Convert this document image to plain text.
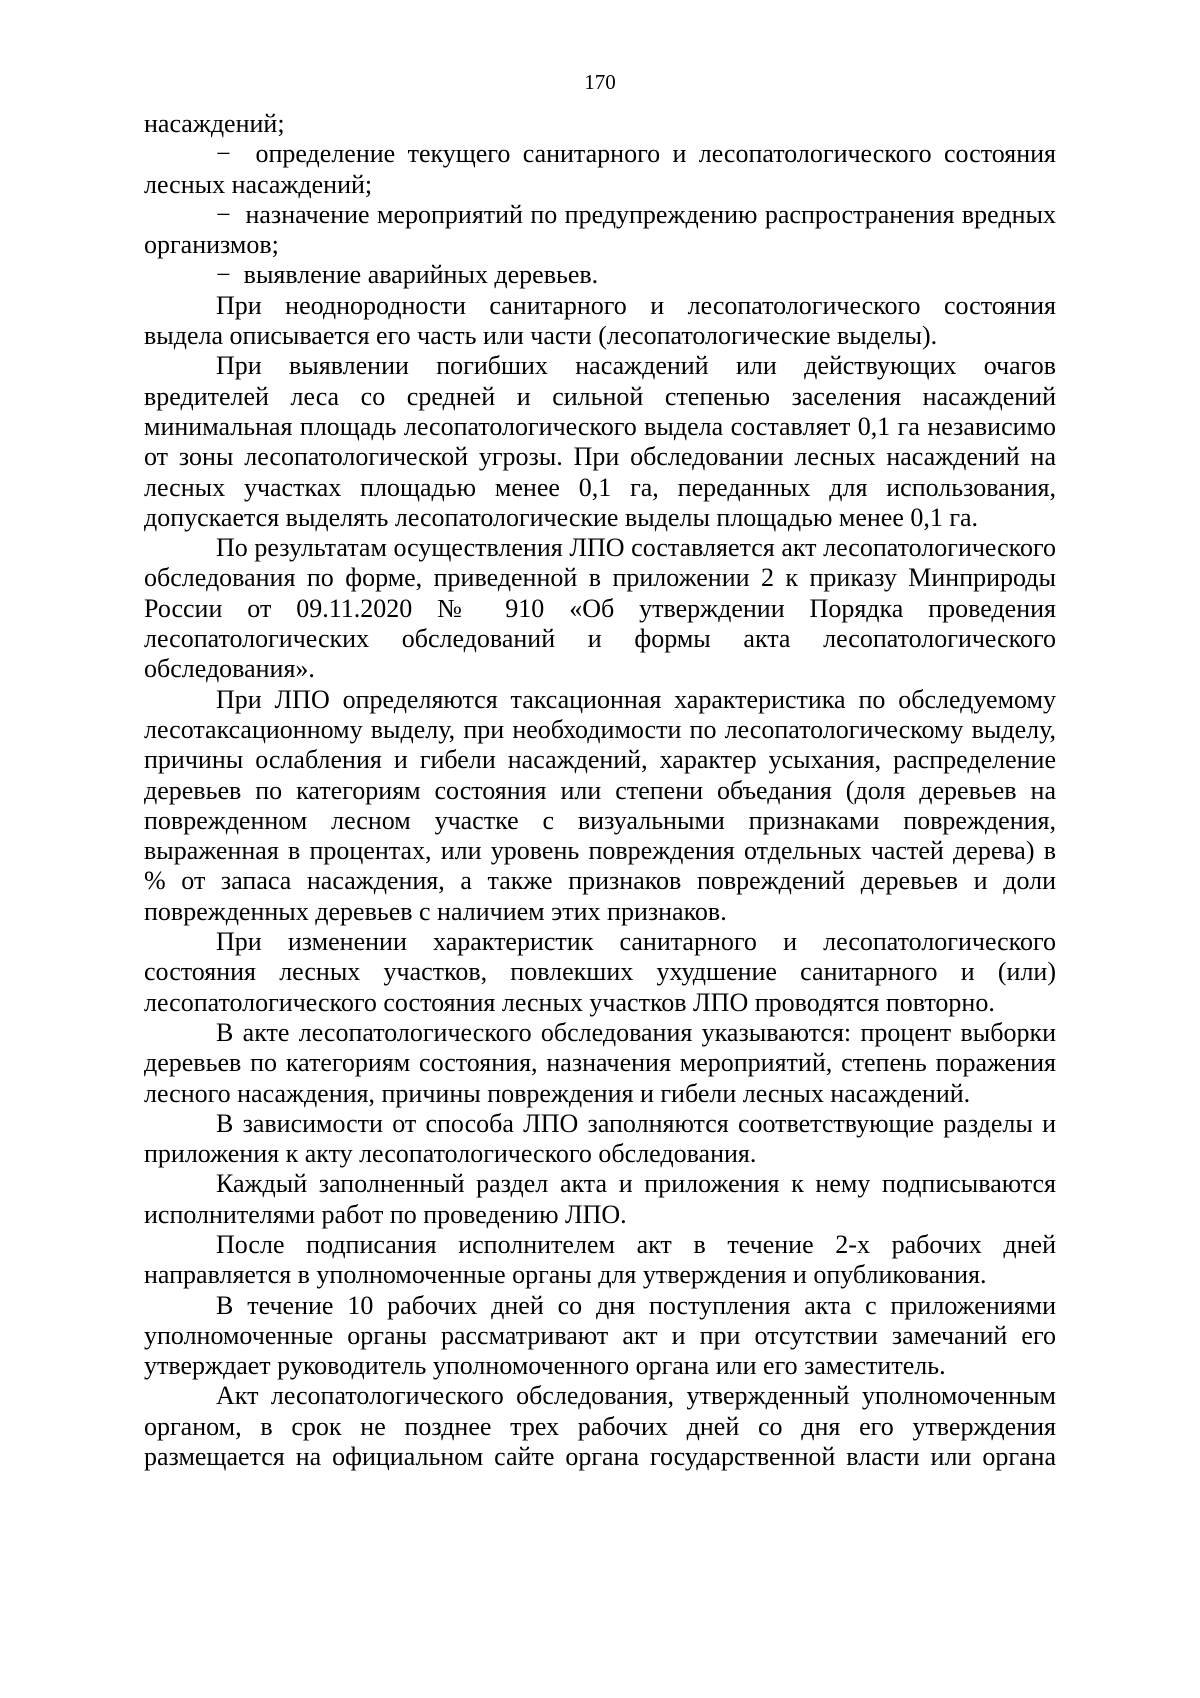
170

насаждений;

−  определение текущего санитарного и лесопатологического состояния лесных насаждений;

−  назначение мероприятий по предупреждению распространения вредных организмов;

−  выявление аварийных деревьев.

При неоднородности санитарного и лесопатологического состояния выдела описывается его часть или части (лесопатологические выделы).

При выявлении погибших насаждений или действующих очагов вредителей леса со средней и сильной степенью заселения насаждений минимальная площадь лесопатологического выдела составляет 0,1 га независимо от зоны лесопатологической угрозы. При обследовании лесных насаждений на лесных участках площадью менее 0,1 га, переданных для использования, допускается выделять лесопатологические выделы площадью менее 0,1 га.

По результатам осуществления ЛПО составляется акт лесопатологического обследования по форме, приведенной в приложении 2 к приказу Минприроды России от 09.11.2020 № 910 «Об утверждении Порядка проведения лесопатологических обследований и формы акта лесопатологического обследования».

При ЛПО определяются таксационная характеристика по обследуемому лесотаксационному выделу, при необходимости по лесопатологическому выделу, причины ослабления и гибели насаждений, характер усыхания, распределение деревьев по категориям состояния или степени объедания (доля деревьев на поврежденном лесном участке с визуальными признаками повреждения, выраженная в процентах, или уровень повреждения отдельных частей дерева) в % от запаса насаждения, а также признаков повреждений деревьев и доли поврежденных деревьев с наличием этих признаков.

При изменении характеристик санитарного и лесопатологического состояния лесных участков, повлекших ухудшение санитарного и (или) лесопатологического состояния лесных участков ЛПО проводятся повторно.

В акте лесопатологического обследования указываются: процент выборки деревьев по категориям состояния, назначения мероприятий, степень поражения лесного насаждения, причины повреждения и гибели лесных насаждений.

В зависимости от способа ЛПО заполняются соответствующие разделы и приложения к акту лесопатологического обследования.

Каждый заполненный раздел акта и приложения к нему подписываются исполнителями работ по проведению ЛПО.

После подписания исполнителем акт в течение 2-х рабочих дней направляется в уполномоченные органы для утверждения и опубликования.

В течение 10 рабочих дней со дня поступления акта с приложениями уполномоченные органы рассматривают акт и при отсутствии замечаний его утверждает руководитель уполномоченного органа или его заместитель.

Акт лесопатологического обследования, утвержденный уполномоченным органом, в срок не позднее трех рабочих дней со дня его утверждения размещается на официальном сайте органа государственной власти или органа
